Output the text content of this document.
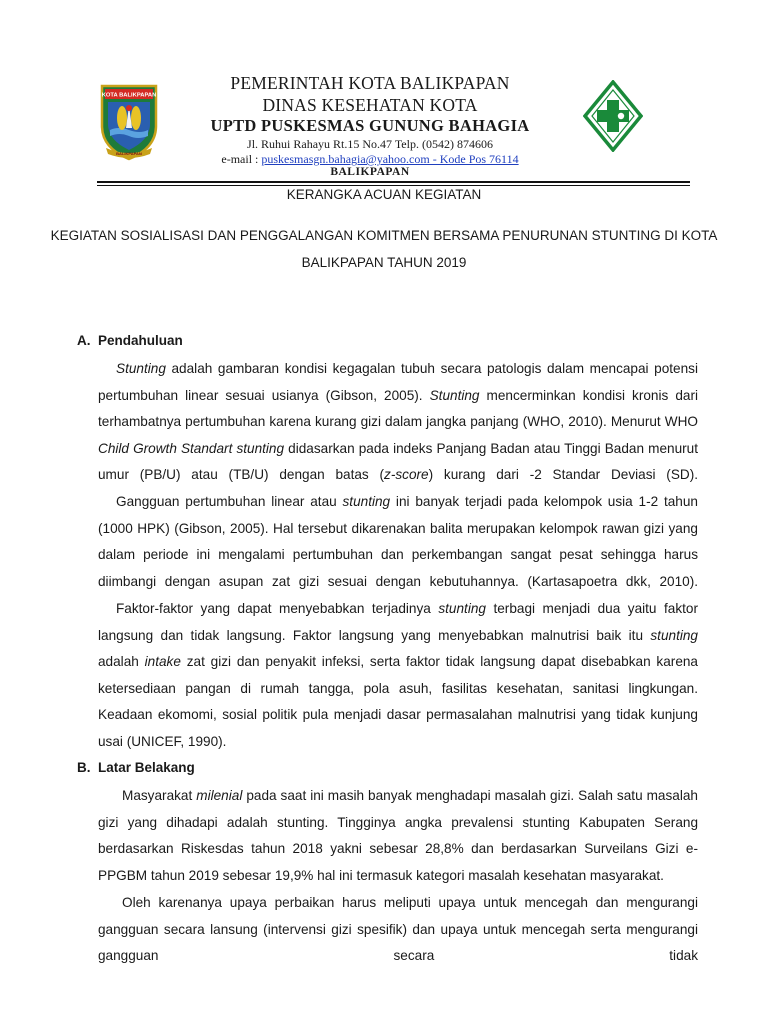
KOTA BALIKPAPAN
BALIKPAPAN
PEMERINTAH KOTA BALIKPAPAN
DINAS KESEHATAN KOTA
UPTD PUSKESMAS GUNUNG BAHAGIA
Jl. Ruhui Rahayu Rt.15 No.47 Telp. (0542) 874606
e-mail : puskesmasgn.bahagia@yahoo.com - Kode Pos 76114
BALIKPAPAN
KERANGKA ACUAN KEGIATAN
KEGIATAN SOSIALISASI DAN PENGGALANGAN KOMITMEN BERSAMA PENURUNAN STUNTING DI KOTA
BALIKPAPAN TAHUN 2019
A. Pendahuluan
Stunting adalah gambaran kondisi kegagalan tubuh secara patologis dalam mencapai potensi pertumbuhan linear sesuai usianya (Gibson, 2005). Stunting mencerminkan kondisi kronis dari terhambatnya pertumbuhan karena kurang gizi dalam jangka panjang (WHO, 2010). Menurut WHO Child Growth Standart stunting didasarkan pada indeks Panjang Badan atau Tinggi Badan menurut umur (PB/U) atau (TB/U) dengan batas (z-score) kurang dari -2 Standar Deviasi (SD).
Gangguan pertumbuhan linear atau stunting ini banyak terjadi pada kelompok usia 1-2 tahun (1000 HPK) (Gibson, 2005). Hal tersebut dikarenakan balita merupakan kelompok rawan gizi yang dalam periode ini mengalami pertumbuhan dan perkembangan sangat pesat sehingga harus diimbangi dengan asupan zat gizi sesuai dengan kebutuhannya. (Kartasapoetra dkk, 2010).
Faktor-faktor yang dapat menyebabkan terjadinya stunting terbagi menjadi dua yaitu faktor langsung dan tidak langsung. Faktor langsung yang menyebabkan malnutrisi baik itu stunting adalah intake zat gizi dan penyakit infeksi, serta faktor tidak langsung dapat disebabkan karena ketersediaan pangan di rumah tangga, pola asuh, fasilitas kesehatan, sanitasi lingkungan. Keadaan ekomomi, sosial politik pula menjadi dasar permasalahan malnutrisi yang tidak kunjung usai (UNICEF, 1990).
B. Latar Belakang
Masyarakat milenial pada saat ini masih banyak menghadapi masalah gizi. Salah satu masalah gizi yang dihadapi adalah stunting. Tingginya angka prevalensi stunting Kabupaten Serang berdasarkan Riskesdas tahun 2018 yakni sebesar 28,8% dan berdasarkan Surveilans Gizi e-PPGBM tahun 2019 sebesar 19,9% hal ini termasuk kategori masalah kesehatan masyarakat.
Oleh karenanya upaya perbaikan harus meliputi upaya untuk mencegah dan mengurangi gangguan secara lansung (intervensi gizi spesifik) dan upaya untuk mencegah serta mengurangi gangguan secara tidak
